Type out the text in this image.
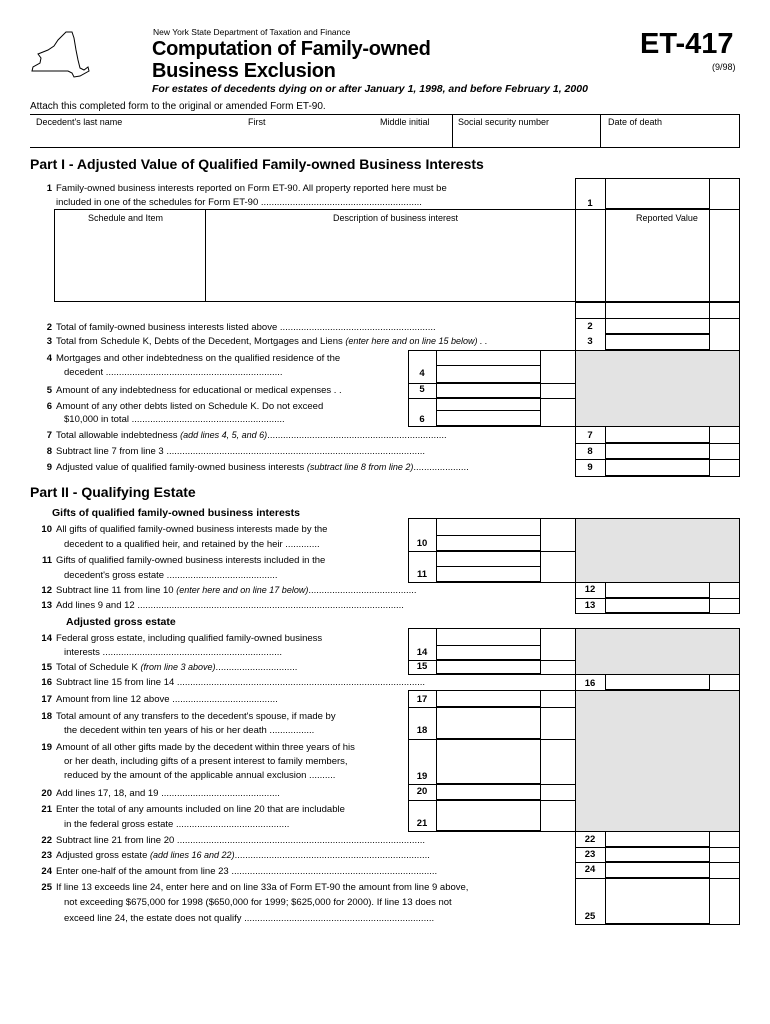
New York State Department of Taxation and Finance
Computation of Family-owned
Business Exclusion
ET-417
(9/98)
For estates of decedents dying on or after January 1, 1998, and before February 1, 2000
Attach this completed form to the original or amended Form ET-90.
Decedent's last name	First	Middle initial	Social security number	Date of death
Part I - Adjusted Value of Qualified Family-owned Business Interests
1 Family-owned business interests reported on Form ET-90. All property reported here must be
included in one of the schedules for Form ET-90 .............................................................	1
Schedule and Item	Description of business interest	Reported Value
2 Total of family-owned business interests listed above ...........................................................	2
3 Total from Schedule K, Debts of the Decedent, Mortgages and Liens (enter here and on line 15 below) . .	3
4 Mortgages and other indebtedness on the qualified residence of the
decedent ...................................................................	4
5 Amount of any indebtedness for educational or medical expenses . .	5
6 Amount of any other debts listed on Schedule K. Do not exceed
$10,000 in total ..........................................................	6
7 Total allowable indebtedness (add lines 4, 5, and 6)....................................................................	7
8 Subtract line 7 from line 3 ..................................................................................................	8
9 Adjusted value of qualified family-owned business interests (subtract line 8 from line 2).....................	9
Part II - Qualifying Estate
Gifts of qualified family-owned business interests
10 All gifts of qualified family-owned business interests made by the
decedent to a qualified heir, and retained by the heir .............	10
11 Gifts of qualified family-owned business interests included in the
decedent's gross estate ..........................................	11
12 Subtract line 11 from line 10 (enter here and on line 17 below).........................................	12
13 Add lines 9 and 12 .....................................................................................................	13
Adjusted gross estate
14 Federal gross estate, including qualified family-owned business
interests ....................................................................	14
15 Total of Schedule K (from line 3 above)...............................	15
16 Subtract line 15 from line 14 ..............................................................................................	16
17 Amount from line 12 above ........................................	17
18 Total amount of any transfers to the decedent's spouse, if made by
the decedent within ten years of his or her death .................	18
19 Amount of all other gifts made by the decedent within three years of his
or her death, including gifts of a present interest to family members,
reduced by the amount of the applicable annual exclusion ..........	19
20 Add lines 17, 18, and 19 .............................................	20
21 Enter the total of any amounts included on line 20 that are includable
in the federal gross estate ...........................................	21
22 Subtract line 21 from line 20 ..............................................................................................	22
23 Adjusted gross estate (add lines 16 and 22)..........................................................................	23
24 Enter one-half of the amount from line 23 ..............................................................................	24
25 If line 13 exceeds line 24, enter here and on line 33a of Form ET-90 the amount from line 9 above,
not exceeding $675,000 for 1998 ($650,000 for 1999; $625,000 for 2000). If line 13 does not
exceed line 24, the estate does not qualify ........................................................................	25
